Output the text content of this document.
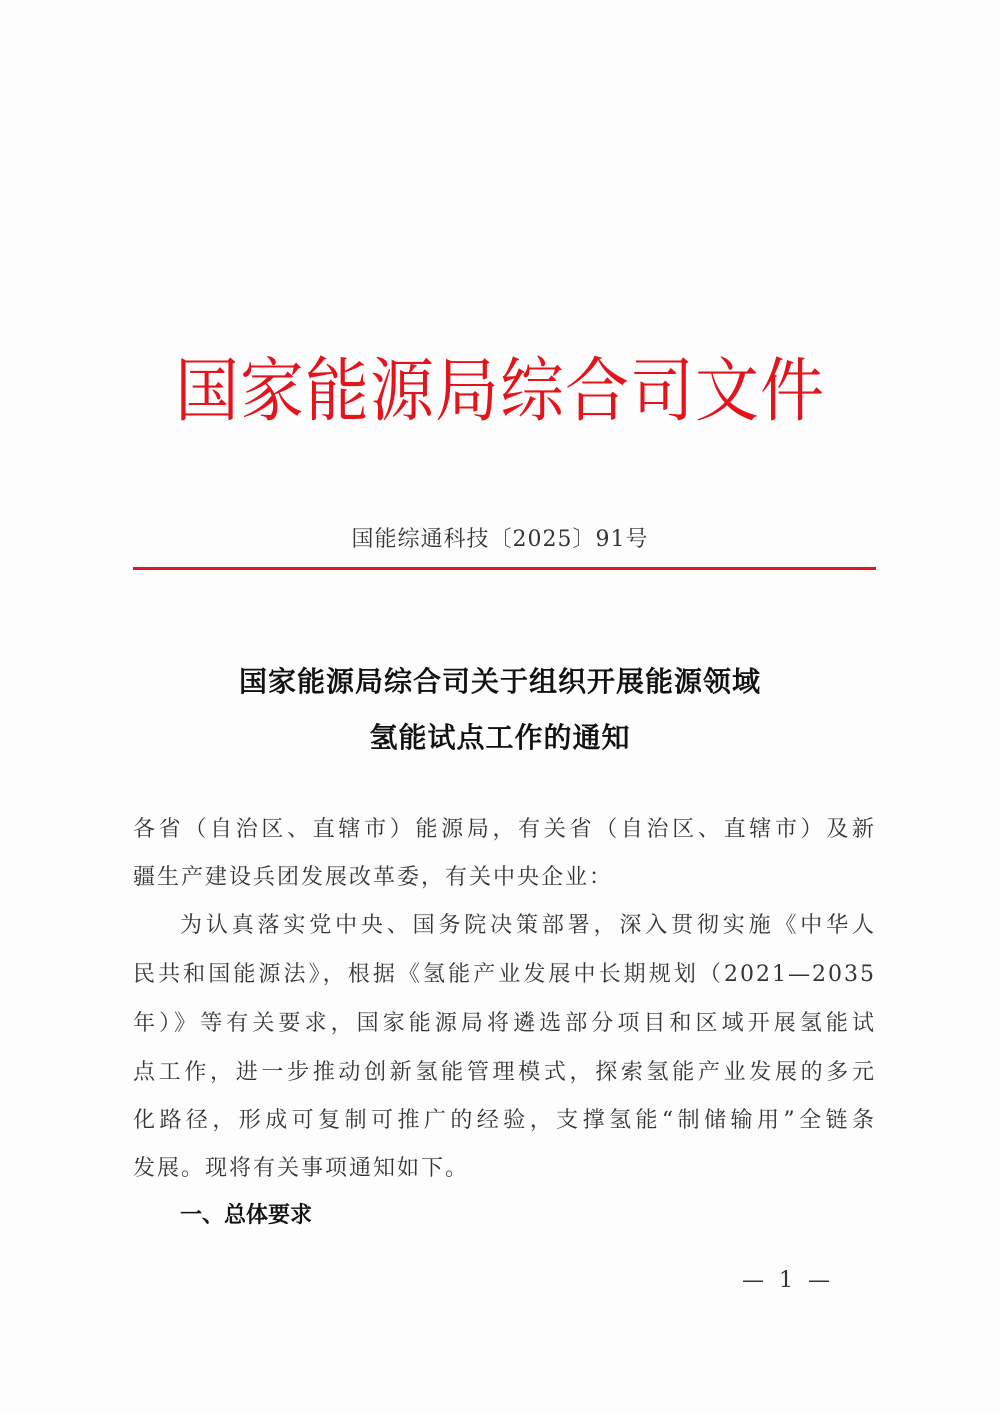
国家能源局综合司文件
国能综通科技〔2025〕91号
国家能源局综合司关于组织开展能源领域
氢能试点工作的通知
各省（自治区、直辖市）能源局，有关省（自治区、直辖市）及新
疆生产建设兵团发展改革委，有关中央企业：
为认真落实党中央、国务院决策部署，深入贯彻实施《中华人
民共和国能源法》，根据《氢能产业发展中长期规划（2021—2035
年）》等有关要求，国家能源局将遴选部分项目和区域开展氢能试
点工作，进一步推动创新氢能管理模式，探索氢能产业发展的多元
化路径，形成可复制可推广的经验，支撑氢能“制储输用”全链条
发展。现将有关事项通知如下。
一、总体要求
— 1 —
